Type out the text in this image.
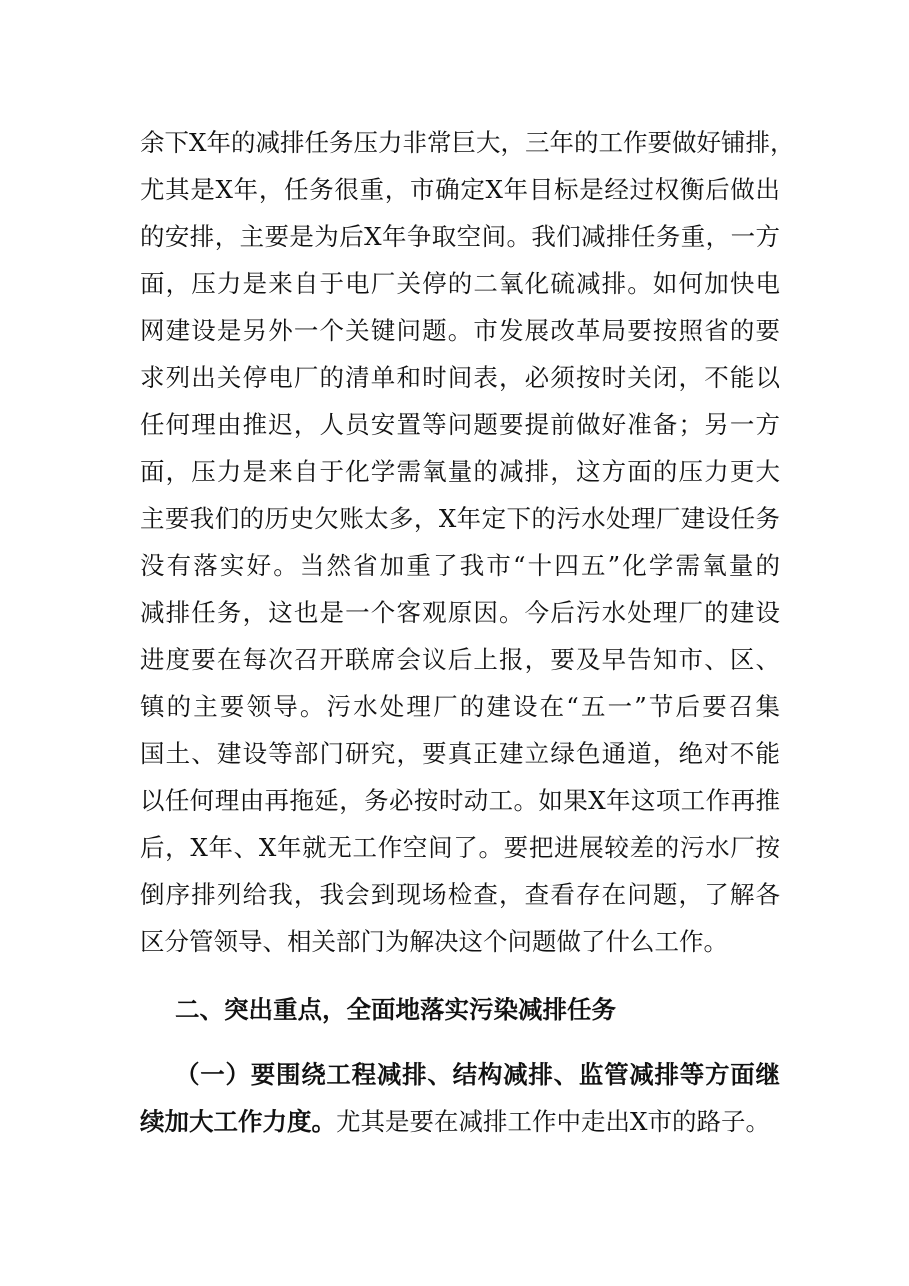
余下X年的减排任务压力非常巨大，三年的工作要做好铺排，
尤其是X年，任务很重，市确定X年目标是经过权衡后做出
的安排，主要是为后X年争取空间。我们减排任务重，一方
面，压力是来自于电厂关停的二氧化硫减排。如何加快电
网建设是另外一个关键问题。市发展改革局要按照省的要
求列出关停电厂的清单和时间表，必须按时关闭，不能以
任何理由推迟，人员安置等问题要提前做好准备；另一方
面，压力是来自于化学需氧量的减排，这方面的压力更大
主要我们的历史欠账太多，X年定下的污水处理厂建设任务
没有落实好。当然省加重了我市“十四五”化学需氧量的
减排任务，这也是一个客观原因。今后污水处理厂的建设
进度要在每次召开联席会议后上报，要及早告知市、区、
镇的主要领导。污水处理厂的建设在“五一”节后要召集
国土、建设等部门研究，要真正建立绿色通道，绝对不能
以任何理由再拖延，务必按时动工。如果X年这项工作再推
后，X年、X年就无工作空间了。要把进展较差的污水厂按
倒序排列给我，我会到现场检查，查看存在问题，了解各
区分管领导、相关部门为解决这个问题做了什么工作。
二、突出重点，全面地落实污染减排任务
（一）要围绕工程减排、结构减排、监管减排等方面继
续加大工作力度。尤其是要在减排工作中走出X市的路子。
